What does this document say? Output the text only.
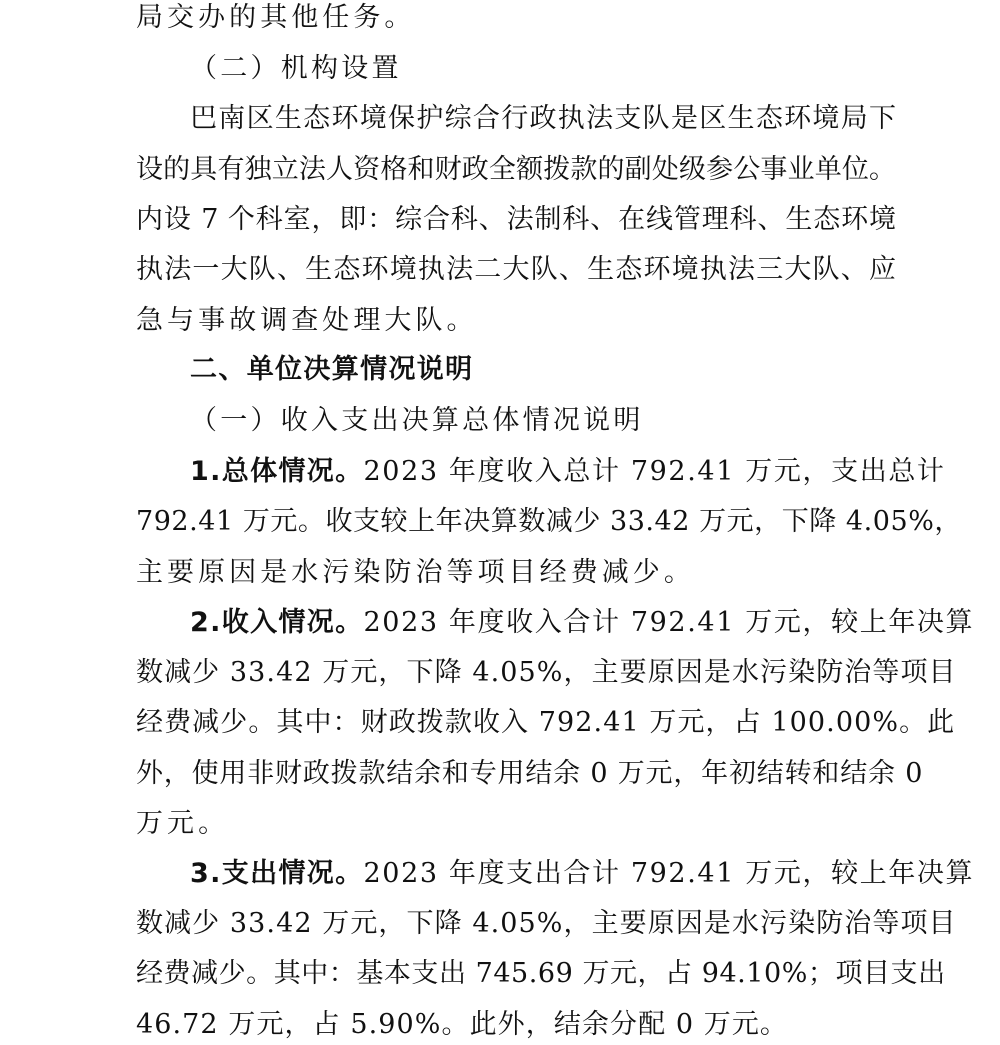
局交办的其他任务。
（二）机构设置
巴南区生态环境保护综合行政执法支队是区生态环境局下
设的具有独立法人资格和财政全额拨款的副处级参公事业单位。
内设 7 个科室，即：综合科、法制科、在线管理科、生态环境
执法一大队、生态环境执法二大队、生态环境执法三大队、应
急与事故调查处理大队。
二、单位决算情况说明
（一）收入支出决算总体情况说明
1.总体情况。2023 年度收入总计 792.41 万元，支出总计
792.41 万元。收支较上年决算数减少 33.42 万元，下降 4.05%，
主要原因是水污染防治等项目经费减少。
2.收入情况。2023 年度收入合计 792.41 万元，较上年决算
数减少 33.42 万元，下降 4.05%，主要原因是水污染防治等项目
经费减少。其中：财政拨款收入 792.41 万元，占 100.00%。此
外，使用非财政拨款结余和专用结余 0 万元，年初结转和结余 0
万元。
3.支出情况。2023 年度支出合计 792.41 万元，较上年决算
数减少 33.42 万元，下降 4.05%，主要原因是水污染防治等项目
经费减少。其中：基本支出 745.69 万元，占 94.10%；项目支出
46.72 万元，占 5.90%。此外，结余分配 0 万元。
